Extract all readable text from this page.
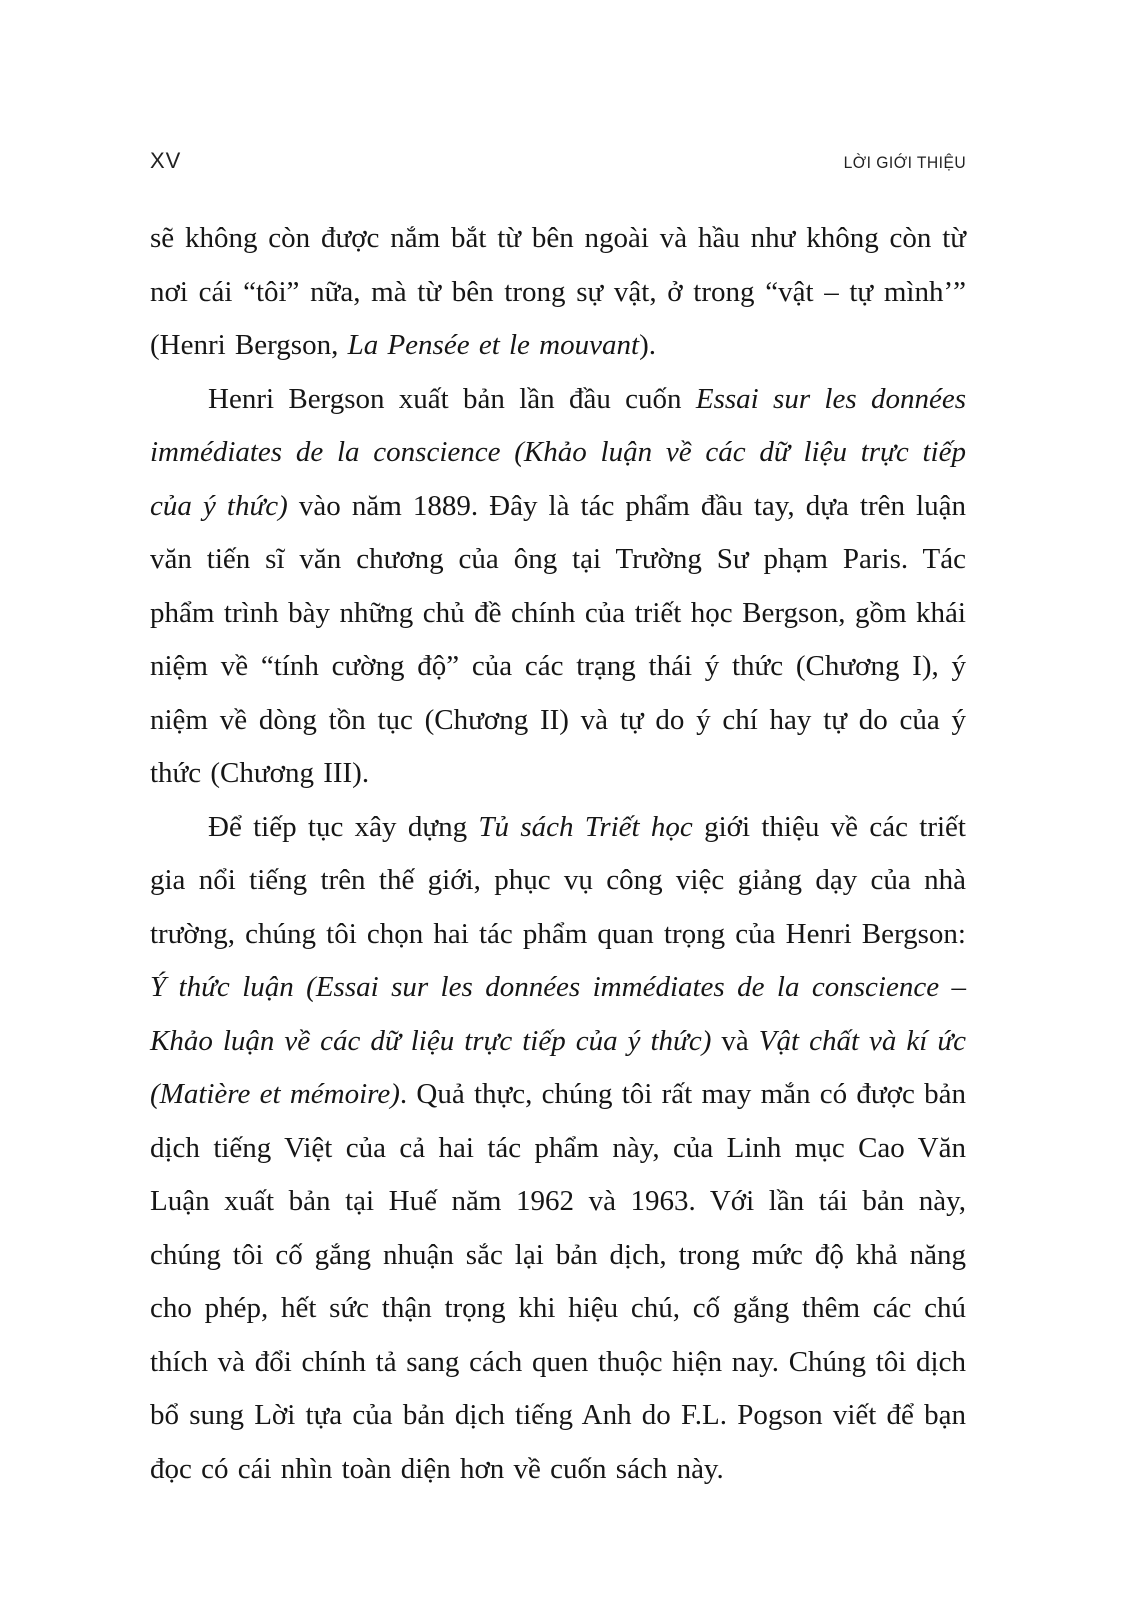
XV	LỜI GIỚI THIỆU

sẽ không còn được nắm bắt từ bên ngoài và hầu như không còn từ nơi cái “tôi” nữa, mà từ bên trong sự vật, ở trong “vật – tự mình’” (Henri Bergson, La Pensée et le mouvant).

Henri Bergson xuất bản lần đầu cuốn Essai sur les données immédiates de la conscience (Khảo luận về các dữ liệu trực tiếp của ý thức) vào năm 1889. Đây là tác phẩm đầu tay, dựa trên luận văn tiến sĩ văn chương của ông tại Trường Sư phạm Paris. Tác phẩm trình bày những chủ đề chính của triết học Bergson, gồm khái niệm về “tính cường độ” của các trạng thái ý thức (Chương I), ý niệm về dòng tồn tục (Chương II) và tự do ý chí hay tự do của ý thức (Chương III).

Để tiếp tục xây dựng Tủ sách Triết học giới thiệu về các triết gia nổi tiếng trên thế giới, phục vụ công việc giảng dạy của nhà trường, chúng tôi chọn hai tác phẩm quan trọng của Henri Bergson: Ý thức luận (Essai sur les données immédiates de la conscience – Khảo luận về các dữ liệu trực tiếp của ý thức) và Vật chất và kí ức (Matière et mémoire). Quả thực, chúng tôi rất may mắn có được bản dịch tiếng Việt của cả hai tác phẩm này, của Linh mục Cao Văn Luận xuất bản tại Huế năm 1962 và 1963. Với lần tái bản này, chúng tôi cố gắng nhuận sắc lại bản dịch, trong mức độ khả năng cho phép, hết sức thận trọng khi hiệu chú, cố gắng thêm các chú thích và đổi chính tả sang cách quen thuộc hiện nay. Chúng tôi dịch bổ sung Lời tựa của bản dịch tiếng Anh do F.L. Pogson viết để bạn đọc có cái nhìn toàn diện hơn về cuốn sách này.
